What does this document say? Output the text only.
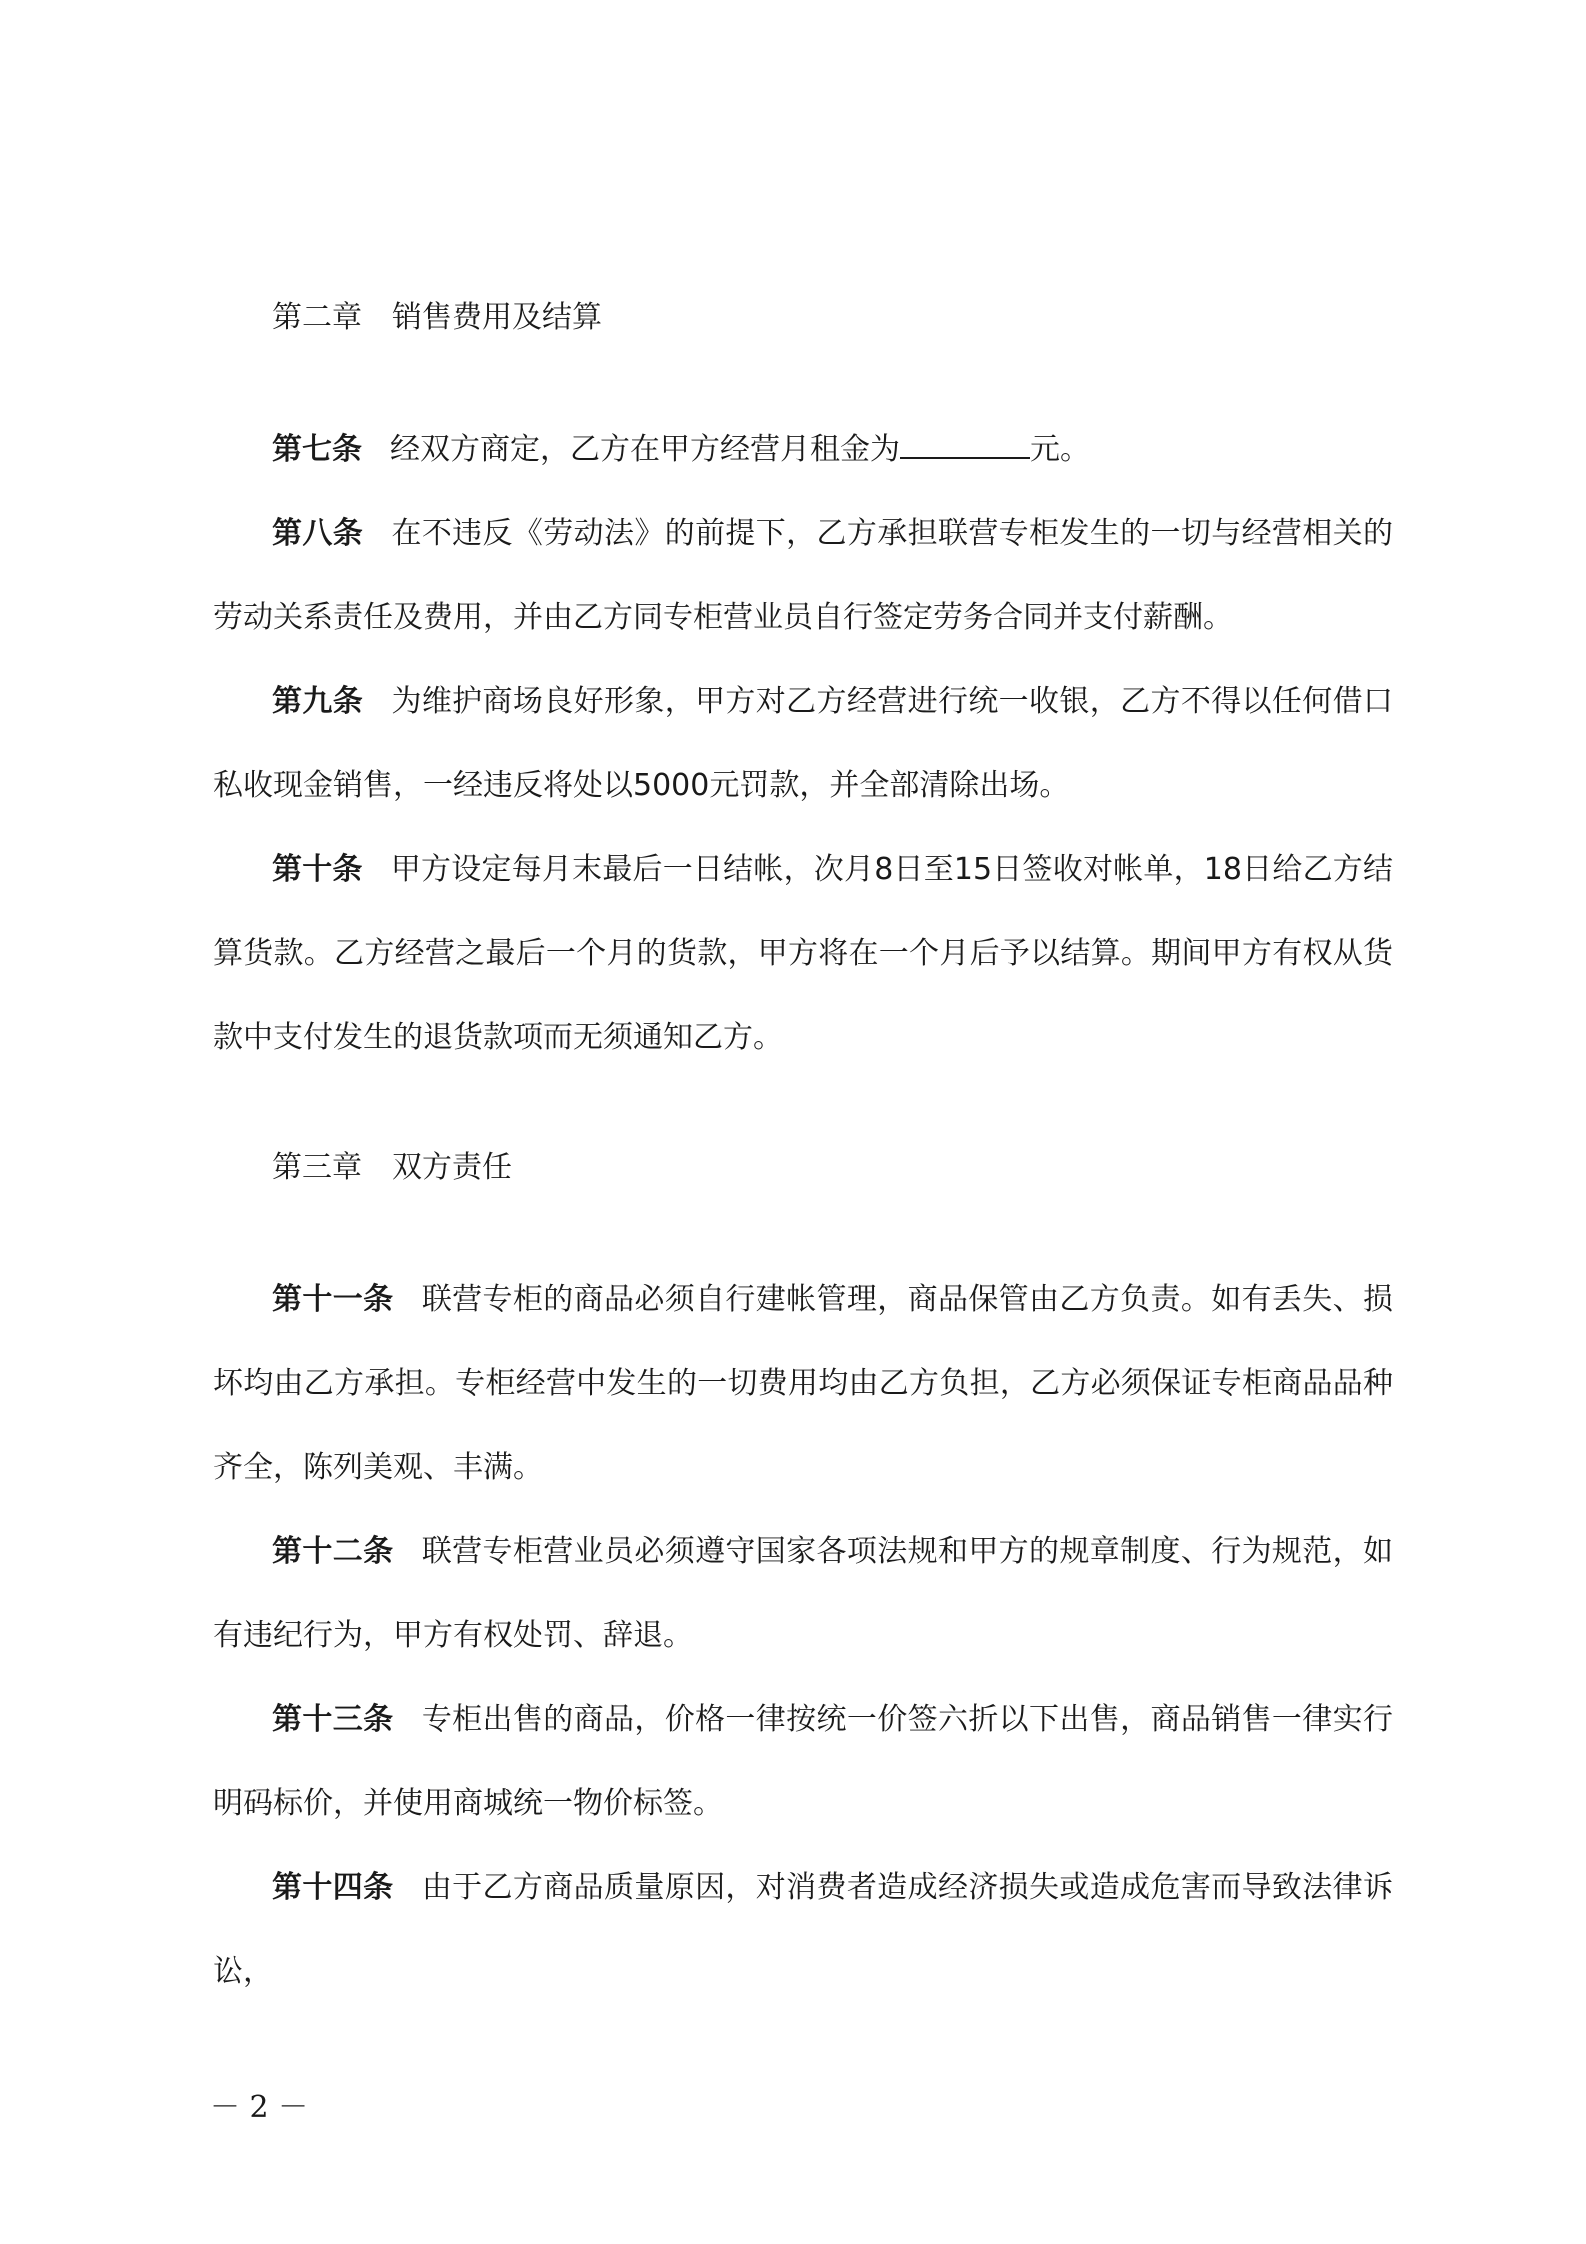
第二章 销售费用及结算
第七条 经双方商定，乙方在甲方经营月租金为	元。
第八条 在不违反《劳动法》的前提下，乙方承担联营专柜发生的一切与经营相关的劳动关系责任及费用，并由乙方同专柜营业员自行签定劳务合同并支付薪酬。
第九条 为维护商场良好形象，甲方对乙方经营进行统一收银，乙方不得以任何借口私收现金销售，一经违反将处以5000元罚款，并全部清除出场。
第十条 甲方设定每月末最后一日结帐，次月8日至15日签收对帐单，18日给乙方结算货款。乙方经营之最后一个月的货款，甲方将在一个月后予以结算。期间甲方有权从货款中支付发生的退货款项而无须通知乙方。
第三章 双方责任
第十一条 联营专柜的商品必须自行建帐管理，商品保管由乙方负责。如有丢失、损坏均由乙方承担。专柜经营中发生的一切费用均由乙方负担，乙方必须保证专柜商品品种齐全，陈列美观、丰满。
第十二条 联营专柜营业员必须遵守国家各项法规和甲方的规章制度、行为规范，如有违纪行为，甲方有权处罚、辞退。
第十三条 专柜出售的商品，价格一律按统一价签六折以下出售，商品销售一律实行明码标价，并使用商城统一物价标签。
第十四条 由于乙方商品质量原因，对消费者造成经济损失或造成危害而导致法律诉讼，
－ 2 －
